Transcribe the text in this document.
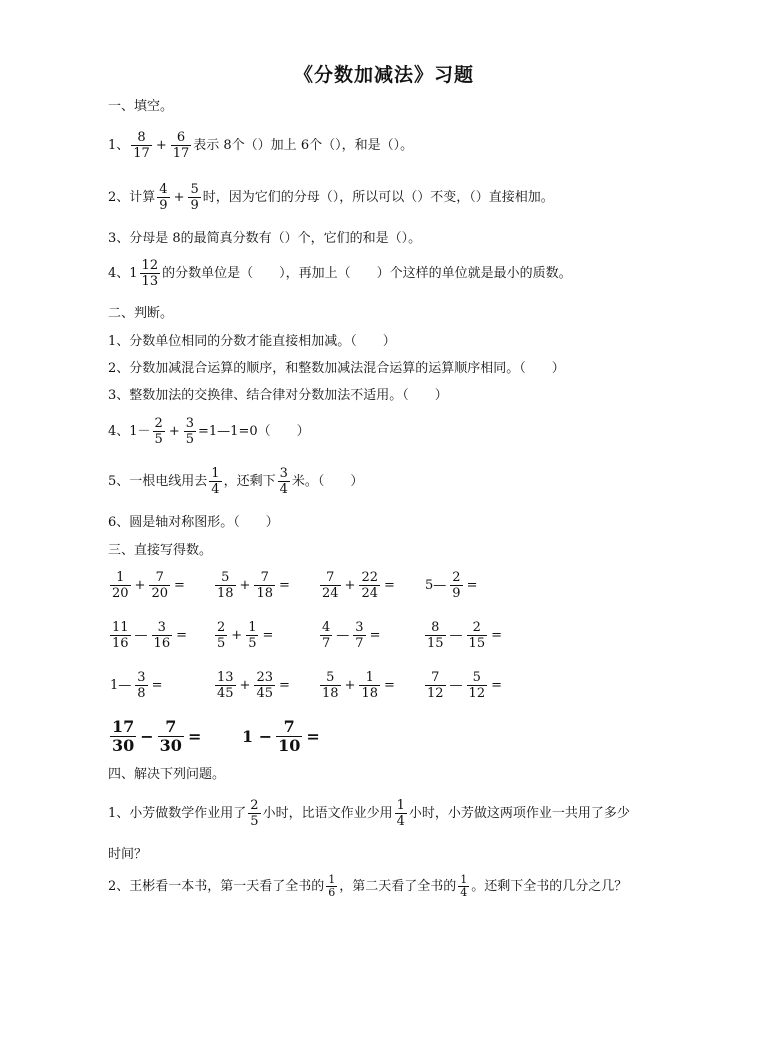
《分数加减法》习题
一、填空。
1、 $\frac{8}{17} + \frac{6}{17}$ 表示 8个（）加上 6个（），和是（）。
2、计算 $\frac{4}{9} + \frac{5}{9}$ 时，因为它们的分母（），所以可以（）不变，（）直接相加。
3、分母是 8的最简真分数有（）个，它们的和是（）。
4、$1 \frac{12}{13}$ 的分数单位是（　　），再加上（　　）个这样的单位就是最小的质数。
二、判断。
1、分数单位相同的分数才能直接相加减。（　　）
2、分数加减混合运算的顺序，和整数加减法混合运算的运算顺序相同。（　　）
3、整数加法的交换律、结合律对分数加法不适用。（　　）
4、$1- \frac{2}{5} + \frac{3}{5}$ =1—1=0（　　）
5、一根电线用去 $\frac{1}{4}$ ，还剩下 $\frac{3}{4}$ 米。（　　）
6、圆是轴对称图形。（　　）
三、直接写得数。
$\frac{1}{20} + \frac{7}{20} = \frac{5}{18} + \frac{7}{18} = \frac{7}{24} + \frac{22}{24}$ = 5— $\frac{2}{9}$ =
$\frac{11}{16}$ — $\frac{3}{16} = \frac{2}{5} + \frac{1}{5}$ =	$\frac{4}{7}$ — $\frac{3}{7}$ =	$\frac{8}{15}$ — $\frac{2}{15}$ =
1— $\frac{3}{8}$ =	$\frac{13}{45} + \frac{23}{45} = \frac{5}{18} + \frac{1}{18} = \frac{7}{12}$ — $\frac{5}{12}$ =
$\frac{17}{30} - \frac{7}{30}$ =	$1 - \frac{7}{10}$ =
四、解决下列问题。
1、小芳做数学作业用了 $\frac{2}{5}$ 小时，比语文作业少用 $\frac{1}{4}$ 小时，小芳做这两项作业一共用了多少
时间？
2、王彬看一本书，第一天看了全书的 $\frac{1}{6}$ ，第二天看了全书的 $\frac{1}{4}$ 。还剩下全书的几分之几？
